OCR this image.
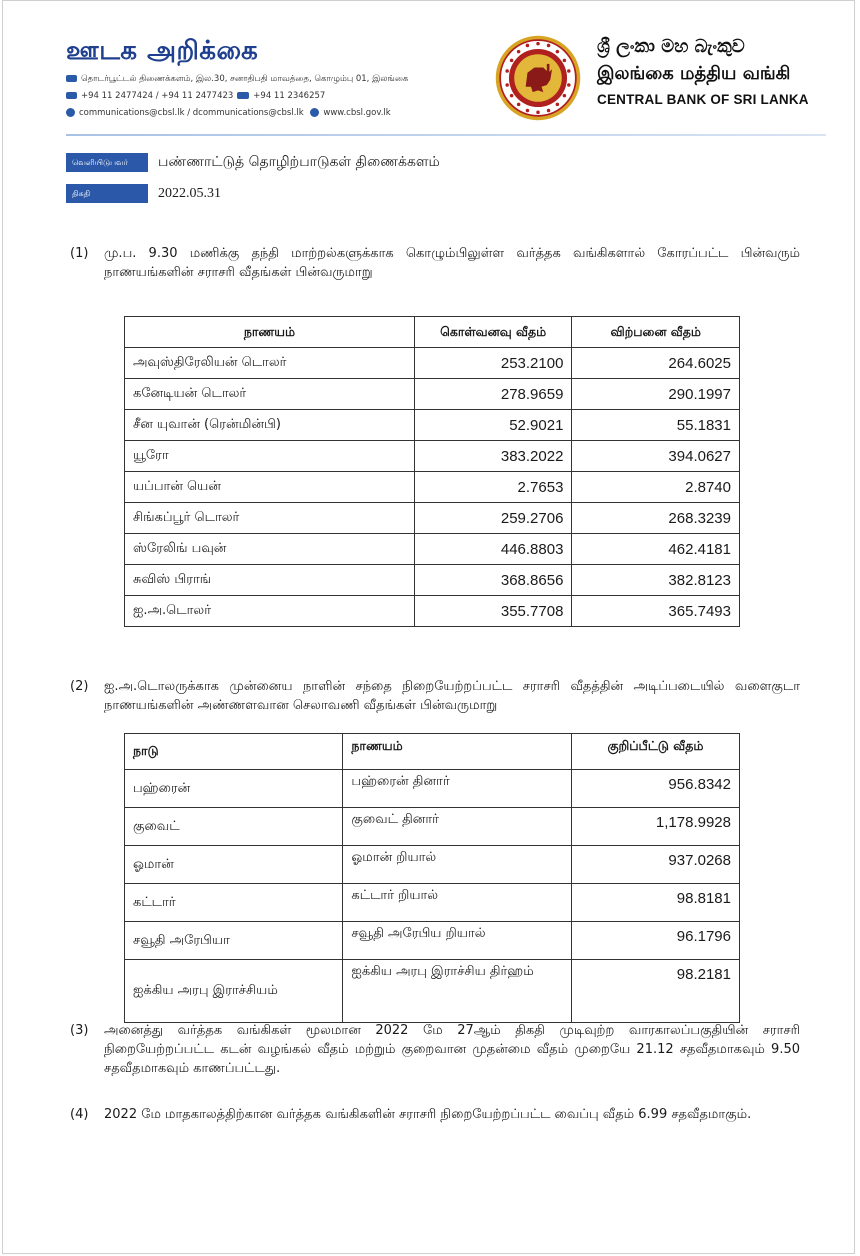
ஊடக அறிக்கை
தொடர்பூட்டல் திணைக்களம், இல.30, சனாதிபதி மாவத்தை, கொழும்பு 01, இலங்கை
+94 11 2477424 / +94 11 2477423 +94 11 2346257
communications@cbsl.lk / dcommunications@cbsl.lk www.cbsl.gov.lk
ශ්‍රී ලංකා මහ බැංකුව
இலங்கை மத்திய வங்கி
CENTRAL BANK OF SRI LANKA
வெளியிடுபவர் பண்ணாட்டுத் தொழிற்பாடுகள் திணைக்களம்
திகதி	2022.05.31
(1) மு.ப. 9.30 மணிக்கு தந்தி மாற்றல்களுக்காக கொழும்பிலுள்ள வர்த்தக வங்கிகளால் கோரப்பட்ட பின்வரும் நாணயங்களின் சராசரி வீதங்கள் பின்வருமாறு
நாணயம்	கொள்வனவு வீதம்	விற்பனை வீதம்
அவுஸ்திரேலியன் டொலர்	253.2100	264.6025
கனேடியன் டொலர்	278.9659	290.1997
சீன யுவான் (ரென்மின்பி)	52.9021	55.1831
யூரோ	383.2022	394.0627
யப்பான் யென்	2.7653	2.8740
சிங்கப்பூர் டொலர்	259.2706	268.3239
ஸ்ரேலிங் பவுன்	446.8803	462.4181
சுவிஸ் பிராங்	368.8656	382.8123
ஐ.அ.டொலர்	355.7708	365.7493
(2) ஐ.அ.டொலருக்காக முன்னைய நாளின் சந்தை நிறையேற்றப்பட்ட சராசரி வீதத்தின் அடிப்படையில் வளைகுடா நாணயங்களின் அண்ணளவான செலாவணி வீதங்கள் பின்வருமாறு
நாடு	நாணயம்	குறிப்பீட்டு வீதம்
பஹ்ரைன்	பஹ்ரைன் தினார்	956.8342
குவைட்	குவைட் தினார்	1,178.9928
ஓமான்	ஓமான் றியால்	937.0268
கட்டார்	கட்டார் றியால்	98.8181
சவூதி அரேபியா	சவூதி அரேபிய றியால்	96.1796
ஐக்கிய அரபு இராச்சியம்	ஐக்கிய அரபு இராச்சிய திர்ஹம்	98.2181
(3) அனைத்து வர்த்தக வங்கிகள் மூலமான 2022 மே 27ஆம் திகதி முடிவுற்ற வாரகாலப்பகுதியின் சராசரி நிறையேற்றப்பட்ட கடன் வழங்கல் வீதம் மற்றும் குறைவான முதன்மை வீதம் முறையே 21.12 சதவீதமாகவும் 9.50 சதவீதமாகவும் காணப்பட்டது.
(4) 2022 மே மாதகாலத்திற்கான வர்த்தக வங்கிகளின் சராசரி நிறையேற்றப்பட்ட வைப்பு வீதம் 6.99 சதவீதமாகும்.
